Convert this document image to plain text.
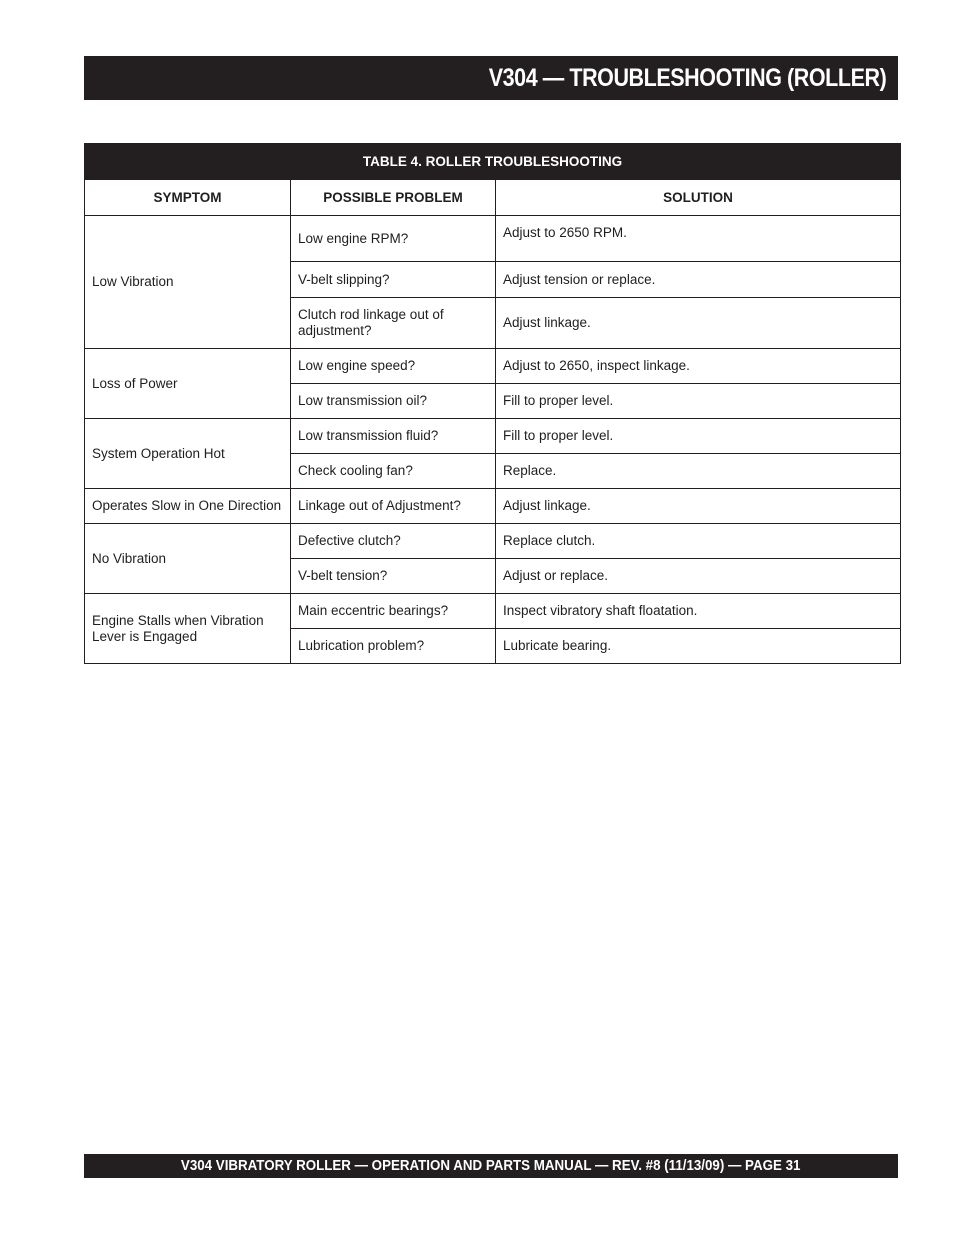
V304 — TROUBLESHOOTING (ROLLER)
TABLE 4. ROLLER TROUBLESHOOTING		
SYMPTOM	POSSIBLE PROBLEM	SOLUTION
Low Vibration	Low engine RPM?	Adjust to 2650 RPM.
	V-belt slipping?	Adjust tension or replace.
	Clutch rod linkage out of adjustment?	Adjust linkage.
Loss of Power	Low engine speed?	Adjust to 2650, inspect linkage.
	Low transmission oil?	Fill to proper level.
System Operation Hot	Low transmission fluid?	Fill to proper level.
	Check cooling fan?	Replace.
Operates Slow in One Direction	Linkage out of Adjustment?	Adjust linkage.
No Vibration	Defective clutch?	Replace clutch.
	V-belt tension?	Adjust or replace.
Engine Stalls when Vibration Lever is Engaged	Main eccentric bearings?	Inspect vibratory shaft floatation.
	Lubrication problem?	Lubricate bearing.
V304 VIBRATORY ROLLER — OPERATION AND PARTS MANUAL — REV. #8 (11/13/09) — PAGE 31
